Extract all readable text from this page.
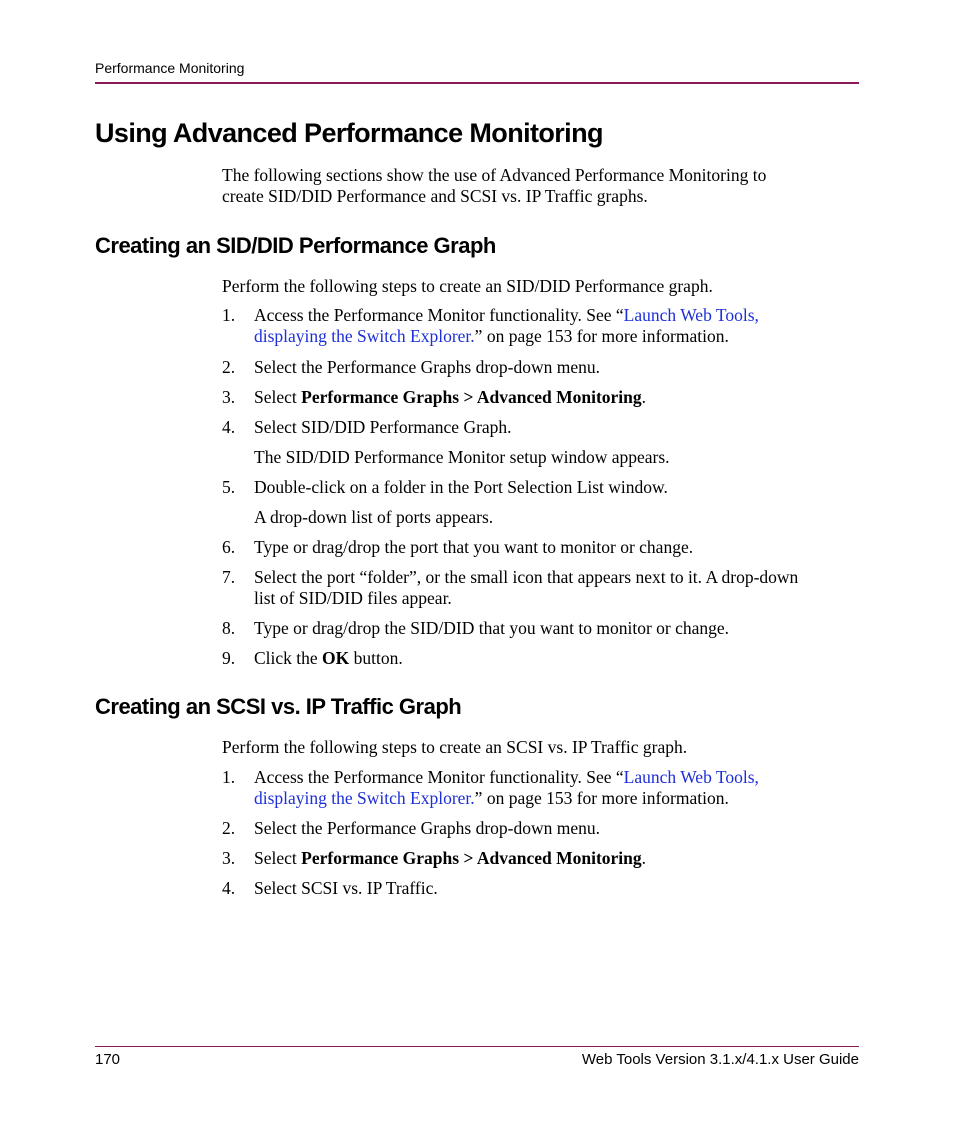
Performance Monitoring
Using Advanced Performance Monitoring
The following sections show the use of Advanced Performance Monitoring to
create SID/DID Performance and SCSI vs. IP Traffic graphs.
Creating an SID/DID Performance Graph
Perform the following steps to create an SID/DID Performance graph.
1. Access the Performance Monitor functionality. See “Launch Web Tools,
displaying the Switch Explorer.” on page 153 for more information.
2. Select the Performance Graphs drop-down menu.
3. Select Performance Graphs > Advanced Monitoring.
4. Select SID/DID Performance Graph.
The SID/DID Performance Monitor setup window appears.
5. Double-click on a folder in the Port Selection List window.
A drop-down list of ports appears.
6. Type or drag/drop the port that you want to monitor or change.
7. Select the port “folder”, or the small icon that appears next to it. A drop-down
list of SID/DID files appear.
8. Type or drag/drop the SID/DID that you want to monitor or change.
9. Click the OK button.
Creating an SCSI vs. IP Traffic Graph
Perform the following steps to create an SCSI vs. IP Traffic graph.
1. Access the Performance Monitor functionality. See “Launch Web Tools,
displaying the Switch Explorer.” on page 153 for more information.
2. Select the Performance Graphs drop-down menu.
3. Select Performance Graphs > Advanced Monitoring.
4. Select SCSI vs. IP Traffic.
170	Web Tools Version 3.1.x/4.1.x User Guide
